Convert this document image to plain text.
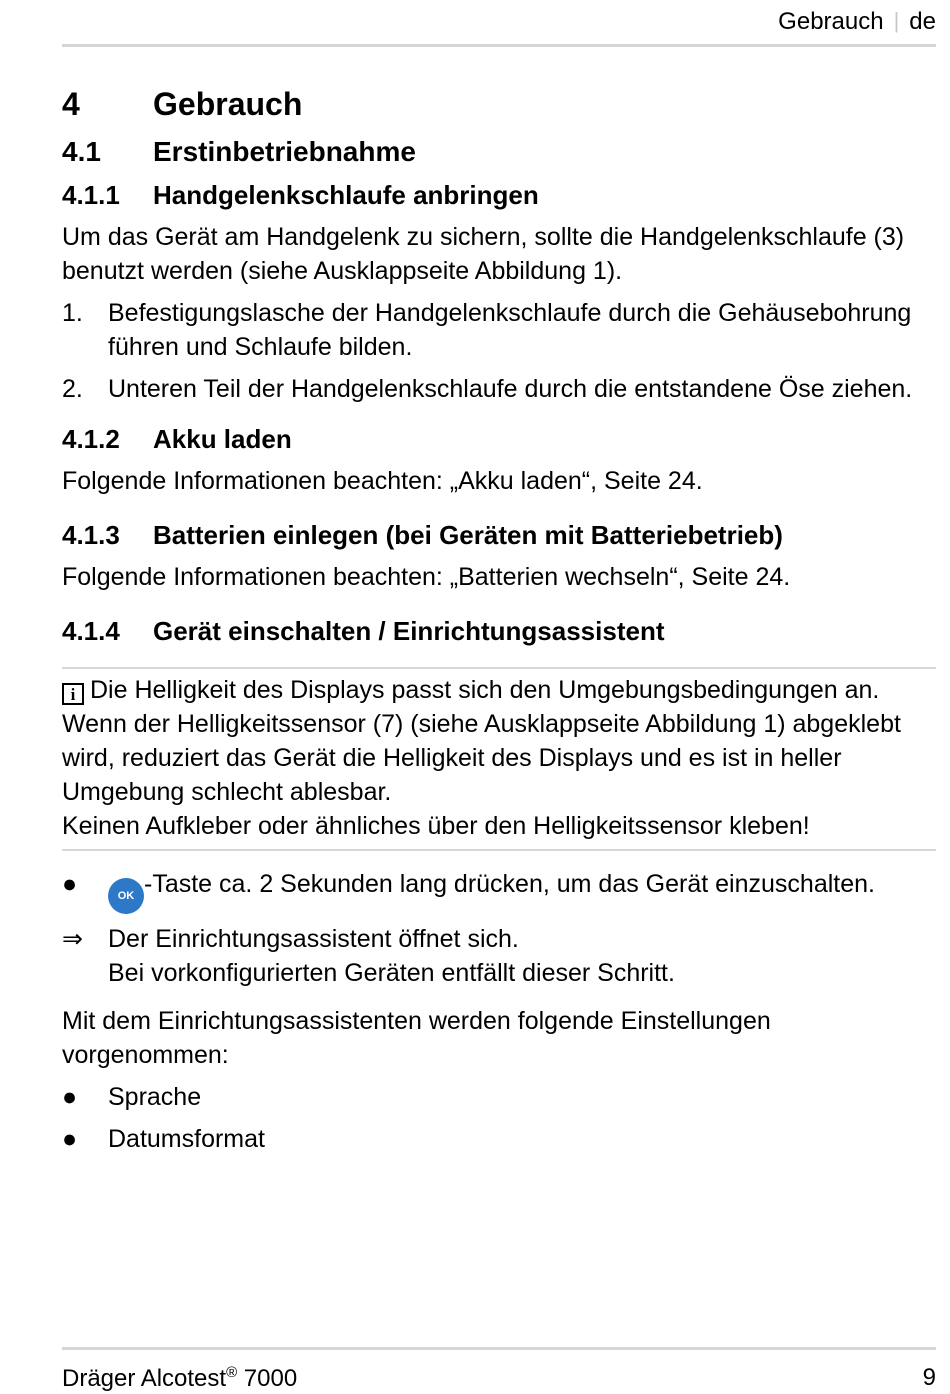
Gebrauch | de
4	Gebrauch
4.1	Erstinbetriebnahme
4.1.1	Handgelenkschlaufe anbringen

Um das Gerät am Handgelenk zu sichern, sollte die Handgelenkschlaufe (3) benutzt werden (siehe Ausklappseite Abbildung 1).

1.	Befestigungslasche der Handgelenkschlaufe durch die Gehäusebohrung führen und Schlaufe bilden.
2.	Unteren Teil der Handgelenkschlaufe durch die entstandene Öse ziehen.
4.1.2	Akku laden

Folgende Informationen beachten: „Akku laden“, Seite 24.

4.1.3	Batterien einlegen (bei Geräten mit Batteriebetrieb)

Folgende Informationen beachten: „Batterien wechseln“, Seite 24.

4.1.4	Gerät einschalten / Einrichtungsassistent

i Die Helligkeit des Displays passt sich den Umgebungsbedingungen an.

Wenn der Helligkeitssensor (7) (siehe Ausklappseite Abbildung 1) abgeklebt wird, reduziert das Gerät die Helligkeit des Displays und es ist in heller Umgebung schlecht ablesbar.

Keinen Aufkleber oder ähnliches über den Helligkeitssensor kleben!

●	OK -Taste ca. 2 Sekunden lang drücken, um das Gerät einzuschalten.
⇒	Der Einrichtungsassistent öffnet sich.
Bei vorkonfigurierten Geräten entfällt dieser Schritt.

Mit dem Einrichtungsassistenten werden folgende Einstellungen vorgenommen:

●	Sprache
●	Datumsformat
Dräger Alcotest® 7000	9
